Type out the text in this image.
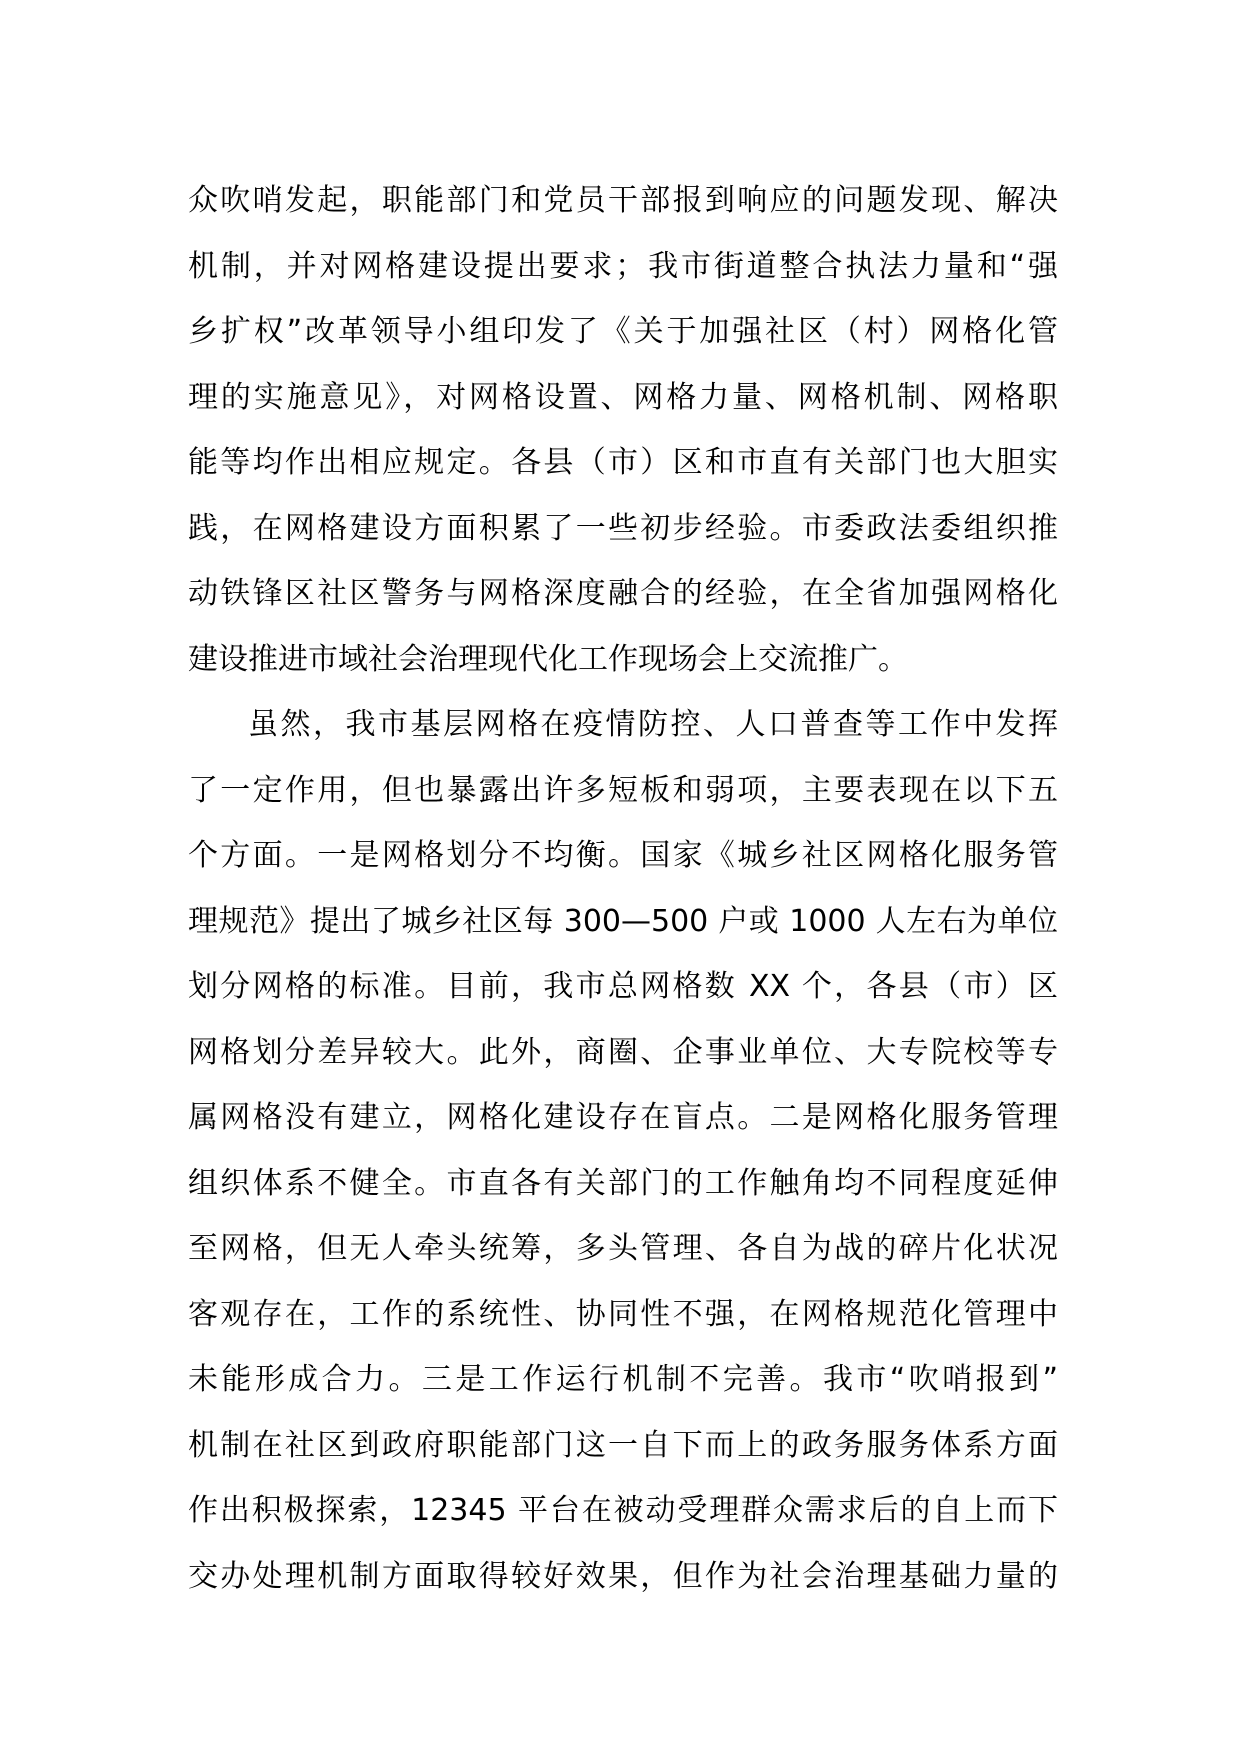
众吹哨发起，职能部门和党员干部报到响应的问题发现、解决
机制，并对网格建设提出要求；我市街道整合执法力量和“强
乡扩权”改革领导小组印发了《关于加强社区（村）网格化管
理的实施意见》，对网格设置、网格力量、网格机制、网格职
能等均作出相应规定。各县（市）区和市直有关部门也大胆实
践，在网格建设方面积累了一些初步经验。市委政法委组织推
动铁锋区社区警务与网格深度融合的经验，在全省加强网格化
建设推进市域社会治理现代化工作现场会上交流推广。
虽然，我市基层网格在疫情防控、人口普查等工作中发挥
了一定作用，但也暴露出许多短板和弱项，主要表现在以下五
个方面。一是网格划分不均衡。国家《城乡社区网格化服务管
理规范》提出了城乡社区每 300—500 户或 1000 人左右为单位
划分网格的标准。目前，我市总网格数 XX 个，各县（市）区
网格划分差异较大。此外，商圈、企事业单位、大专院校等专
属网格没有建立，网格化建设存在盲点。二是网格化服务管理
组织体系不健全。市直各有关部门的工作触角均不同程度延伸
至网格，但无人牵头统筹，多头管理、各自为战的碎片化状况
客观存在，工作的系统性、协同性不强，在网格规范化管理中
未能形成合力。三是工作运行机制不完善。我市“吹哨报到”
机制在社区到政府职能部门这一自下而上的政务服务体系方面
作出积极探索，12345 平台在被动受理群众需求后的自上而下
交办处理机制方面取得较好效果，但作为社会治理基础力量的
